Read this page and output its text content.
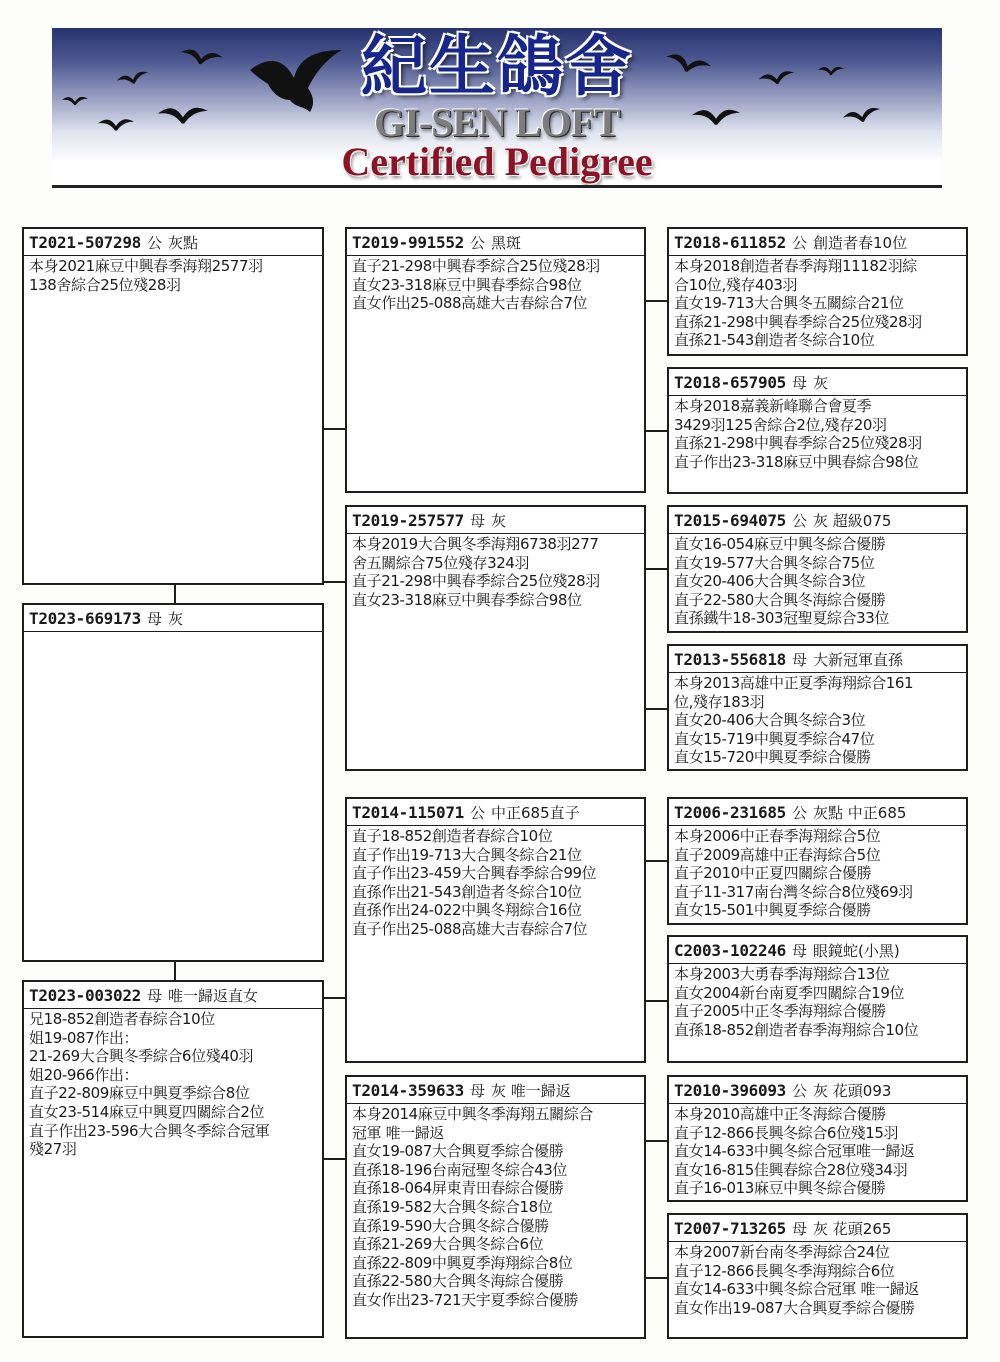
紀生鴿舍
GI-SEN LOFT
Certified Pedigree
T2021-507298 公 灰點
本身2021麻豆中興春季海翔2577羽
138舍綜合25位殘28羽
T2023-669173 母 灰
T2023-003022 母 唯一歸返直女
兄18-852創造者春綜合10位
姐19-087作出：
21-269大合興冬季綜合6位殘40羽
姐20-966作出：
直子22-809麻豆中興夏季綜合8位
直女23-514麻豆中興夏四關綜合2位
直子作出23-596大合興冬季綜合冠軍
殘27羽
T2019-991552 公 黑斑
直子21-298中興春季綜合25位殘28羽
直女23-318麻豆中興春季綜合98位
直女作出25-088高雄大吉春綜合7位
T2019-257577 母 灰
本身2019大合興冬季海翔6738羽277
舍五關綜合75位殘存324羽
直子21-298中興春季綜合25位殘28羽
直女23-318麻豆中興春季綜合98位
T2014-115071 公 中正685直子
直子18-852創造者春綜合10位
直子作出19-713大合興冬綜合21位
直子作出23-459大合興春季綜合99位
直孫作出21-543創造者冬綜合10位
直孫作出24-022中興冬翔綜合16位
直子作出25-088高雄大吉春綜合7位
T2014-359633 母 灰 唯一歸返
本身2014麻豆中興冬季海翔五關綜合
冠軍 唯一歸返
直女19-087大合興夏季綜合優勝
直孫18-196台南冠聖冬綜合43位
直孫18-064屏東青田春綜合優勝
直孫19-582大合興冬綜合18位
直孫19-590大合興冬綜合優勝
直孫21-269大合興冬綜合6位
直孫22-809中興夏季海翔綜合8位
直孫22-580大合興冬海綜合優勝
直女作出23-721天宇夏季綜合優勝
T2018-611852 公 創造者春10位
本身2018創造者春季海翔11182羽綜
合10位,殘存403羽
直女19-713大合興冬五關綜合21位
直孫21-298中興春季綜合25位殘28羽
直孫21-543創造者冬綜合10位
T2018-657905 母 灰
本身2018嘉義新峰聯合會夏季
3429羽125舍綜合2位,殘存20羽
直孫21-298中興春季綜合25位殘28羽
直子作出23-318麻豆中興春綜合98位
T2015-694075 公 灰 超級075
直女16-054麻豆中興冬綜合優勝
直女19-577大合興冬綜合75位
直女20-406大合興冬綜合3位
直子22-580大合興冬海綜合優勝
直孫鐵牛18-303冠聖夏綜合33位
T2013-556818 母 大新冠軍直孫
本身2013高雄中正夏季海翔綜合161
位,殘存183羽
直女20-406大合興冬綜合3位
直女15-719中興夏季綜合47位
直女15-720中興夏季綜合優勝
T2006-231685 公 灰點 中正685
本身2006中正春季海翔綜合5位
直子2009高雄中正春海綜合5位
直子2010中正夏四關綜合優勝
直子11-317南台灣冬綜合8位殘69羽
直女15-501中興夏季綜合優勝
C2003-102246 母 眼鏡蛇(小黑)
本身2003大勇春季海翔綜合13位
直女2004新台南夏季四關綜合19位
直子2005中正冬季海翔綜合優勝
直孫18-852創造者春季海翔綜合10位
T2010-396093 公 灰 花頭093
本身2010高雄中正冬海綜合優勝
直子12-866長興冬綜合6位殘15羽
直女14-633中興冬綜合冠軍唯一歸返
直女16-815佳興春綜合28位殘34羽
直子16-013麻豆中興冬綜合優勝
T2007-713265 母 灰 花頭265
本身2007新台南冬季海綜合24位
直子12-866長興冬季海翔綜合6位
直女14-633中興冬綜合冠軍 唯一歸返
直女作出19-087大合興夏季綜合優勝
